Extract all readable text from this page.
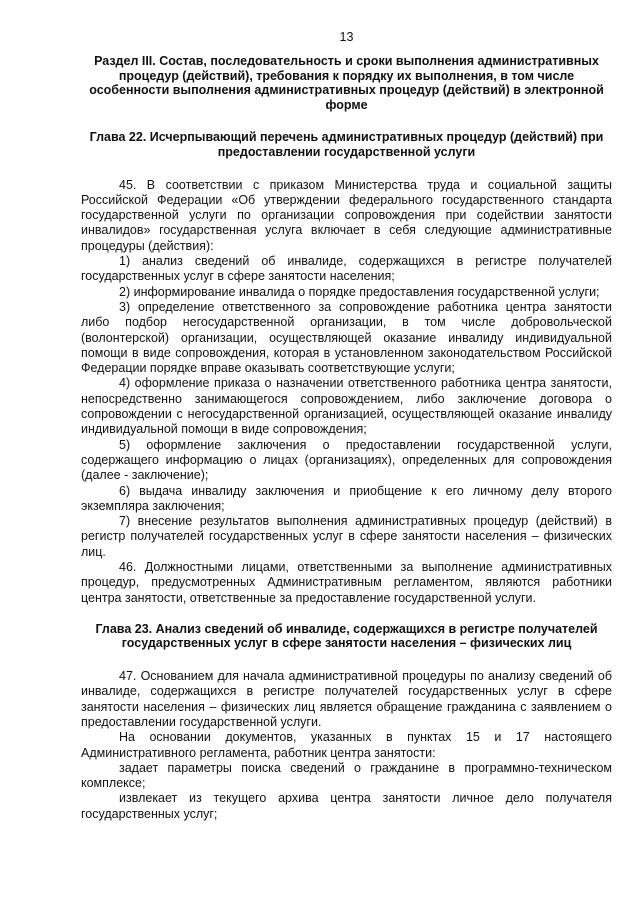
13

Раздел III. Состав, последовательность и сроки выполнения административных процедур (действий), требования к порядку их выполнения, в том числе особенности выполнения административных процедур (действий) в электронной форме

Глава 22. Исчерпывающий перечень административных процедур (действий) при предоставлении государственной услуги

45. В соответствии с приказом Министерства труда и социальной защиты Российской Федерации «Об утверждении федерального государственного стандарта государственной услуги по организации сопровождения при содействии занятости инвалидов» государственная услуга включает в себя следующие административные процедуры (действия):

1) анализ сведений об инвалиде, содержащихся в регистре получателей государственных услуг в сфере занятости населения;

2) информирование инвалида о порядке предоставления государственной услуги;

3) определение ответственного за сопровождение работника центра занятости либо подбор негосударственной организации, в том числе добровольческой (волонтерской) организации, осуществляющей оказание инвалиду индивидуальной помощи в виде сопровождения, которая в установленном законодательством Российской Федерации порядке вправе оказывать соответствующие услуги;

4) оформление приказа о назначении ответственного работника центра занятости, непосредственно занимающегося сопровождением, либо заключение договора о сопровождении с негосударственной организацией, осуществляющей оказание инвалиду индивидуальной помощи в виде сопровождения;

5) оформление заключения о предоставлении государственной услуги, содержащего информацию о лицах (организациях), определенных для сопровождения (далее - заключение);

6) выдача инвалиду заключения и приобщение к его личному делу второго экземпляра заключения;

7) внесение результатов выполнения административных процедур (действий) в регистр получателей государственных услуг в сфере занятости населения – физических лиц.

46. Должностными лицами, ответственными за выполнение административных процедур, предусмотренных Административным регламентом, являются работники центра занятости, ответственные за предоставление государственной услуги.

Глава 23. Анализ сведений об инвалиде, содержащихся в регистре получателей государственных услуг в сфере занятости населения – физических лиц

47. Основанием для начала административной процедуры по анализу сведений об инвалиде, содержащихся в регистре получателей государственных услуг в сфере занятости населения – физических лиц является обращение гражданина с заявлением о предоставлении государственной услуги.

На основании документов, указанных в пунктах 15 и 17 настоящего Административного регламента, работник центра занятости:

задает параметры поиска сведений о гражданине в программно-техническом комплексе;

извлекает из текущего архива центра занятости личное дело получателя государственных услуг;
